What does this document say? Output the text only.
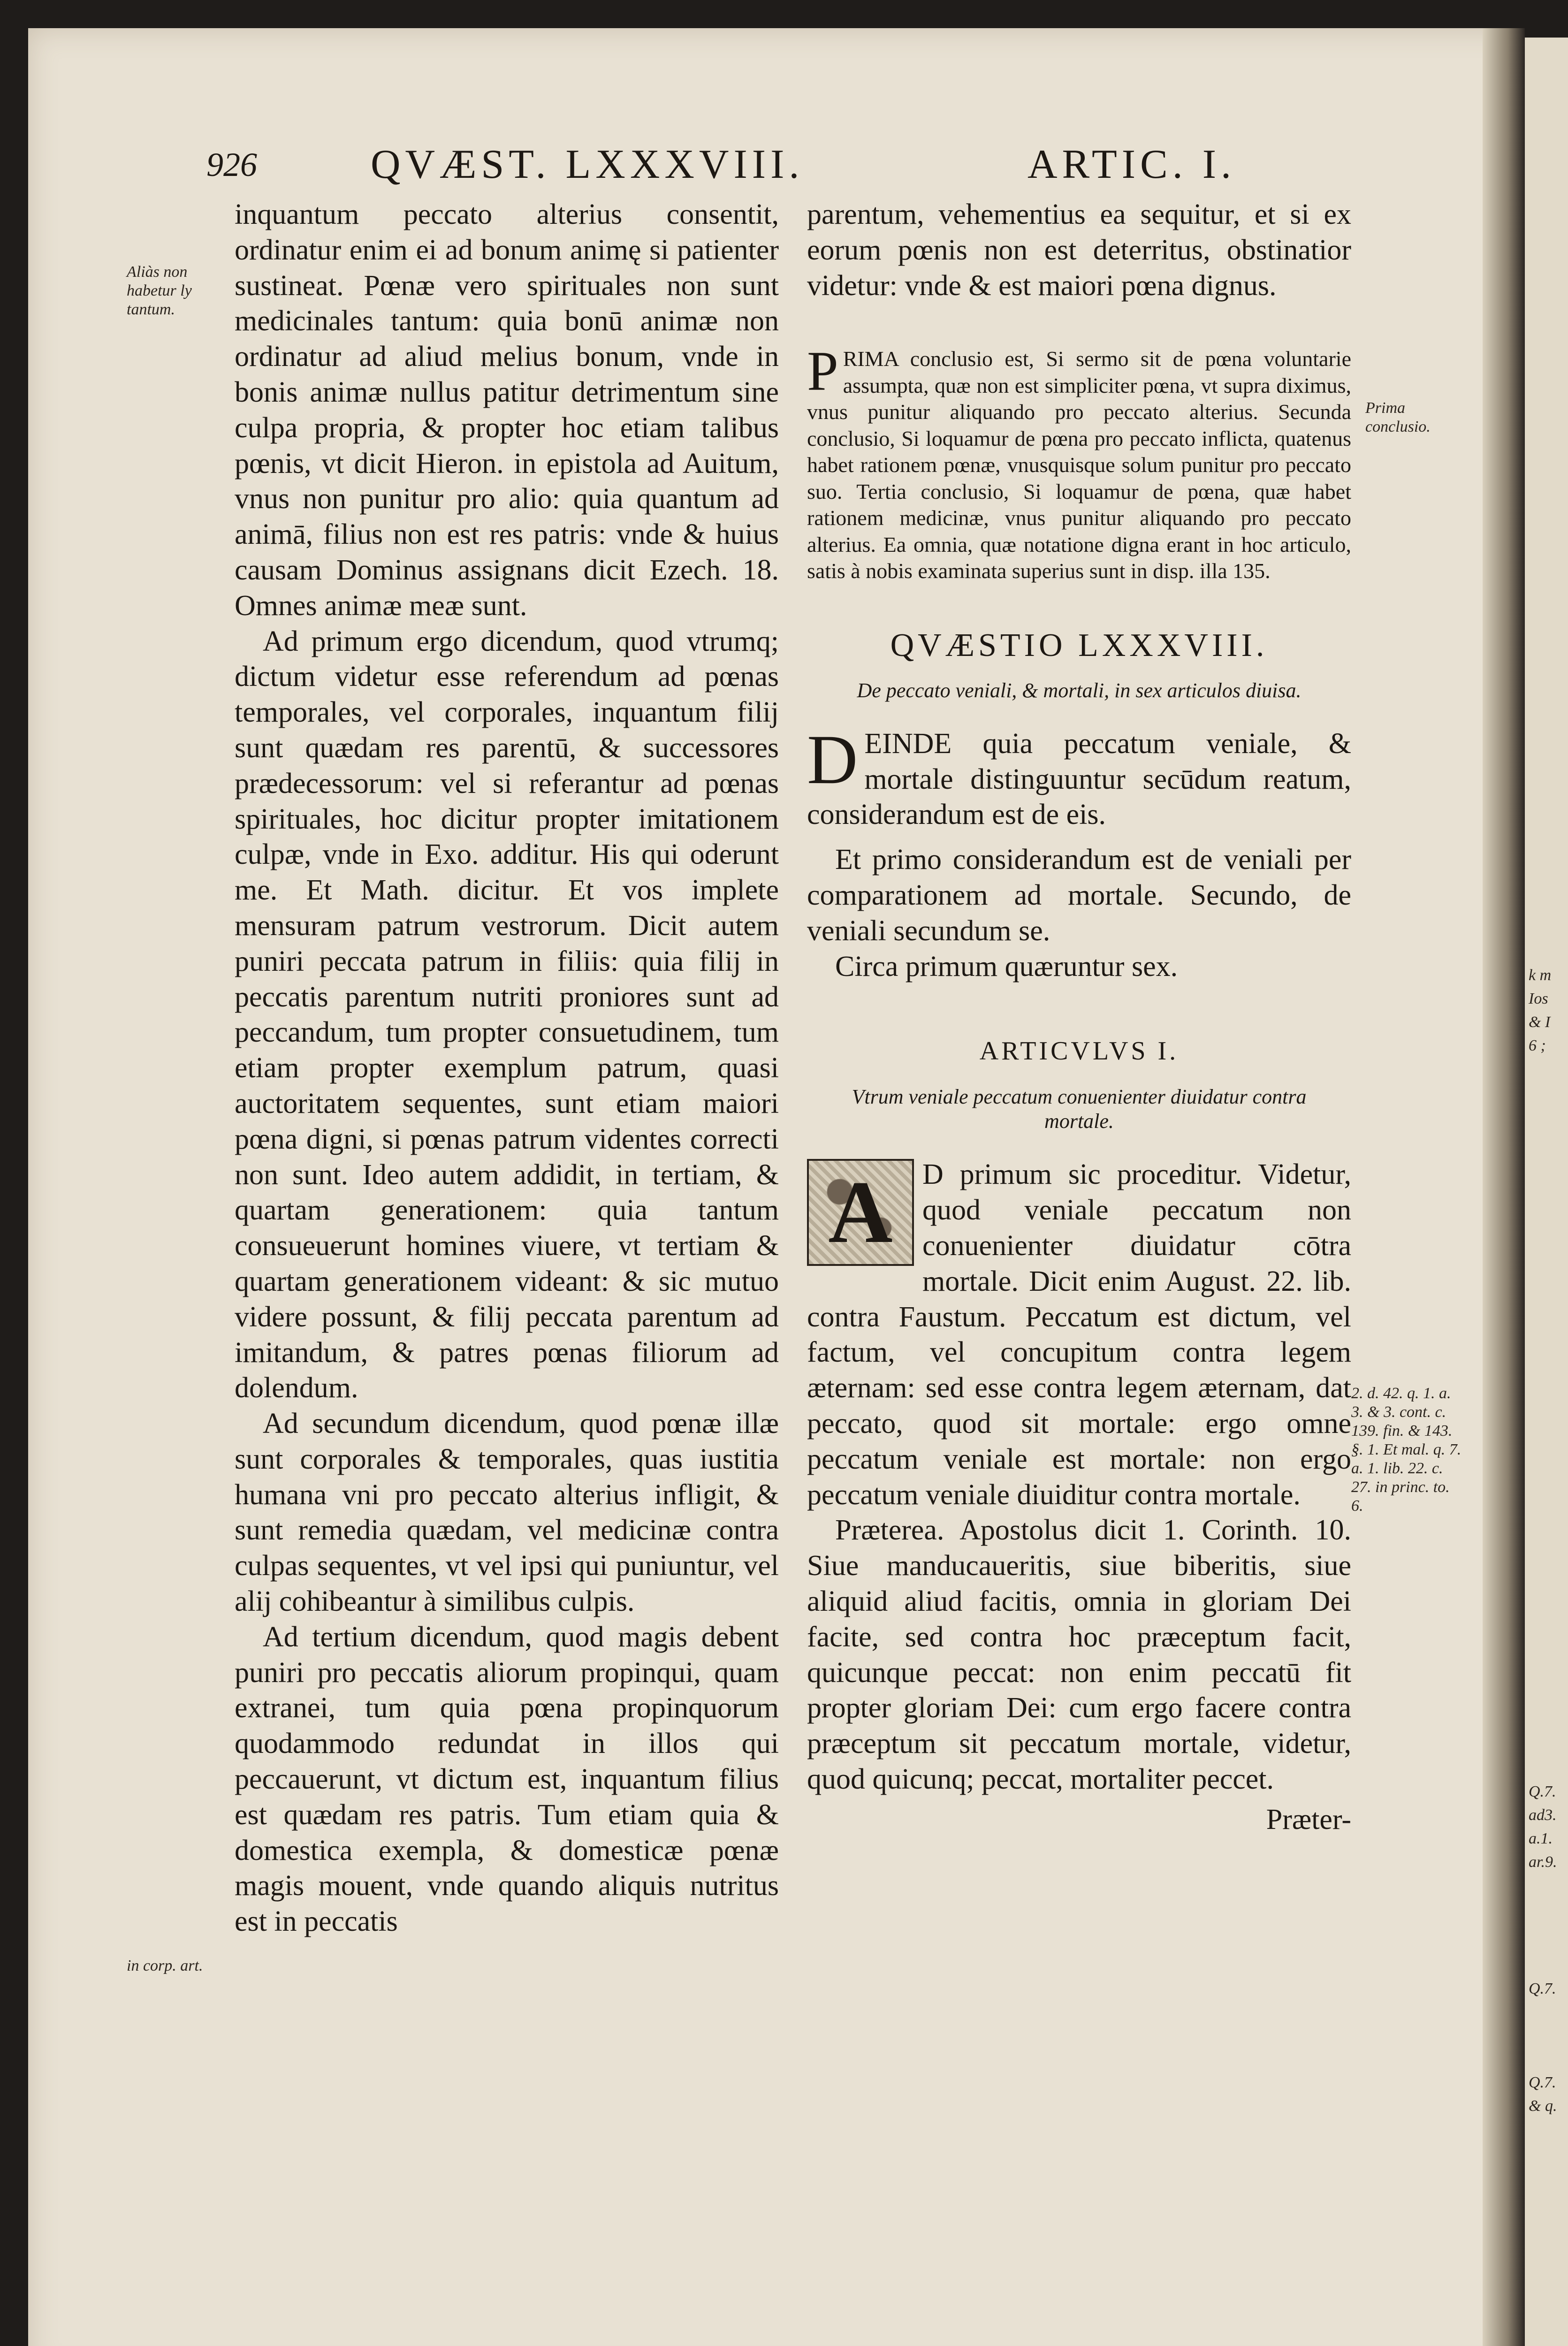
k m
Ios
& I
6 ;
Q.7.
ad3.
a.1.
ar.9.
Q.7.
Q.7.
& q.
926	QVÆST. LXXXVIII.	ARTIC. I.
Aliàs non habetur ly tantum.
in corp. art.
Prima conclusio.
2. d. 42. q. 1. a. 3. & 3. cont. c. 139. fin. & 143. §. 1. Et mal. q. 7. a. 1. lib. 22. c. 27. in princ. to. 6.

inquantum peccato alterius consentit, ordinatur enim ei ad bonum animę si patienter sustineat. Pœnæ vero spirituales non sunt medicinales tantum: quia bonū animæ non ordinatur ad aliud melius bonum, vnde in bonis animæ nullus patitur detrimentum sine culpa propria, & propter hoc etiam talibus pœnis, vt dicit Hieron. in epistola ad Auitum, vnus non punitur pro alio: quia quantum ad animā, filius non est res patris: vnde & huius causam Dominus assignans dicit Ezech. 18. Omnes animæ meæ sunt.

Ad primum ergo dicendum, quod vtrumq; dictum videtur esse referendum ad pœnas temporales, vel corporales, inquantum filij sunt quædam res parentū, & successores prædecessorum: vel si referantur ad pœnas spirituales, hoc dicitur propter imitationem culpæ, vnde in Exo. additur. His qui oderunt me. Et Math. dicitur. Et vos implete mensuram patrum vestrorum. Dicit autem puniri peccata patrum in filiis: quia filij in peccatis parentum nutriti proniores sunt ad peccandum, tum propter consuetudinem, tum etiam propter exemplum patrum, quasi auctoritatem sequentes, sunt etiam maiori pœna digni, si pœnas patrum videntes correcti non sunt. Ideo autem addidit, in tertiam, & quartam generationem: quia tantum consueuerunt homines viuere, vt tertiam & quartam generationem videant: & sic mutuo videre possunt, & filij peccata parentum ad imitandum, & patres pœnas filiorum ad dolendum.

Ad secundum dicendum, quod pœnæ illæ sunt corporales & temporales, quas iustitia humana vni pro peccato alterius infligit, & sunt remedia quædam, vel medicinæ contra culpas sequentes, vt vel ipsi qui puniuntur, vel alij cohibeantur à similibus culpis.

Ad tertium dicendum, quod magis debent puniri pro peccatis aliorum propinqui, quam extranei, tum quia pœna propinquorum quodammodo redundat in illos qui peccauerunt, vt dictum est, inquantum filius est quædam res patris. Tum etiam quia & domestica exempla, & domesticæ pœnæ magis mouent, vnde quando aliquis nutritus est in peccatis

parentum, vehementius ea sequitur, et si ex eorum pœnis non est deterritus, obstinatior videtur: vnde & est maiori pœna dignus.

P RIMA conclusio est, Si sermo sit de pœna voluntarie assumpta, quæ non est simpliciter pœna, vt supra diximus, vnus punitur aliquando pro peccato alterius. Secunda conclusio, Si loquamur de pœna pro peccato inflicta, quatenus habet rationem pœnæ, vnusquisque solum punitur pro peccato suo. Tertia conclusio, Si loquamur de pœna, quæ habet rationem medicinæ, vnus punitur aliquando pro peccato alterius. Ea omnia, quæ notatione digna erant in hoc articulo, satis à nobis examinata superius sunt in disp. illa 135.
QVÆSTIO LXXXVIII.
De peccato veniali, & mortali, in sex articulos diuisa.
D EINDE quia peccatum veniale, & mortale distinguuntur secūdum reatum, considerandum est de eis.

Et primo considerandum est de veniali per comparationem ad mortale. Secundo, de veniali secundum se.

Circa primum quæruntur sex.

ARTICVLVS I.
Vtrum veniale peccatum conuenienter diuidatur contra mortale.
A	D primum sic proceditur. Videtur, quod veniale peccatum non conuenienter diuidatur cōtra mortale. Dicit enim August. 22. lib. contra Faustum. Peccatum est dictum, vel factum, vel concupitum contra legem æternam: sed esse contra legem æternam, dat peccato, quod sit mortale: ergo omne peccatum veniale est mortale: non ergo peccatum veniale diuiditur contra mortale.

Præterea. Apostolus dicit 1. Corinth. 10. Siue manducaueritis, siue biberitis, siue aliquid aliud facitis, omnia in gloriam Dei facite, sed contra hoc præceptum facit, quicunque peccat: non enim peccatū fit propter gloriam Dei: cum ergo facere contra præceptum sit peccatum mortale, videtur, quod quicunq; peccat, mortaliter peccet.

Præter-
